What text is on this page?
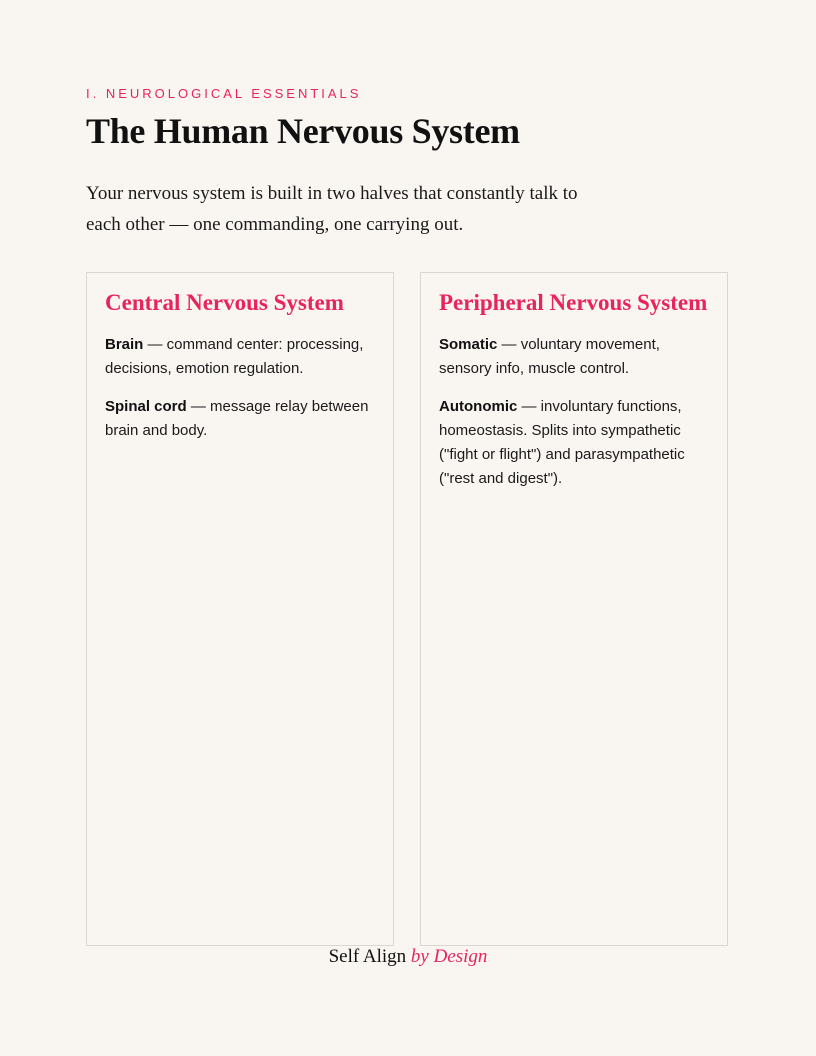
I. NEUROLOGICAL ESSENTIALS
The Human Nervous System

Your nervous system is built in two halves that constantly talk to each other — one commanding, one carrying out.

Central Nervous System

Brain — command center: processing, decisions, emotion regulation.

Spinal cord — message relay between brain and body.

Peripheral Nervous System

Somatic — voluntary movement, sensory info, muscle control.

Autonomic — involuntary functions, homeostasis. Splits into sympathetic ("fight or flight") and parasympathetic ("rest and digest").

Self Align by Design
